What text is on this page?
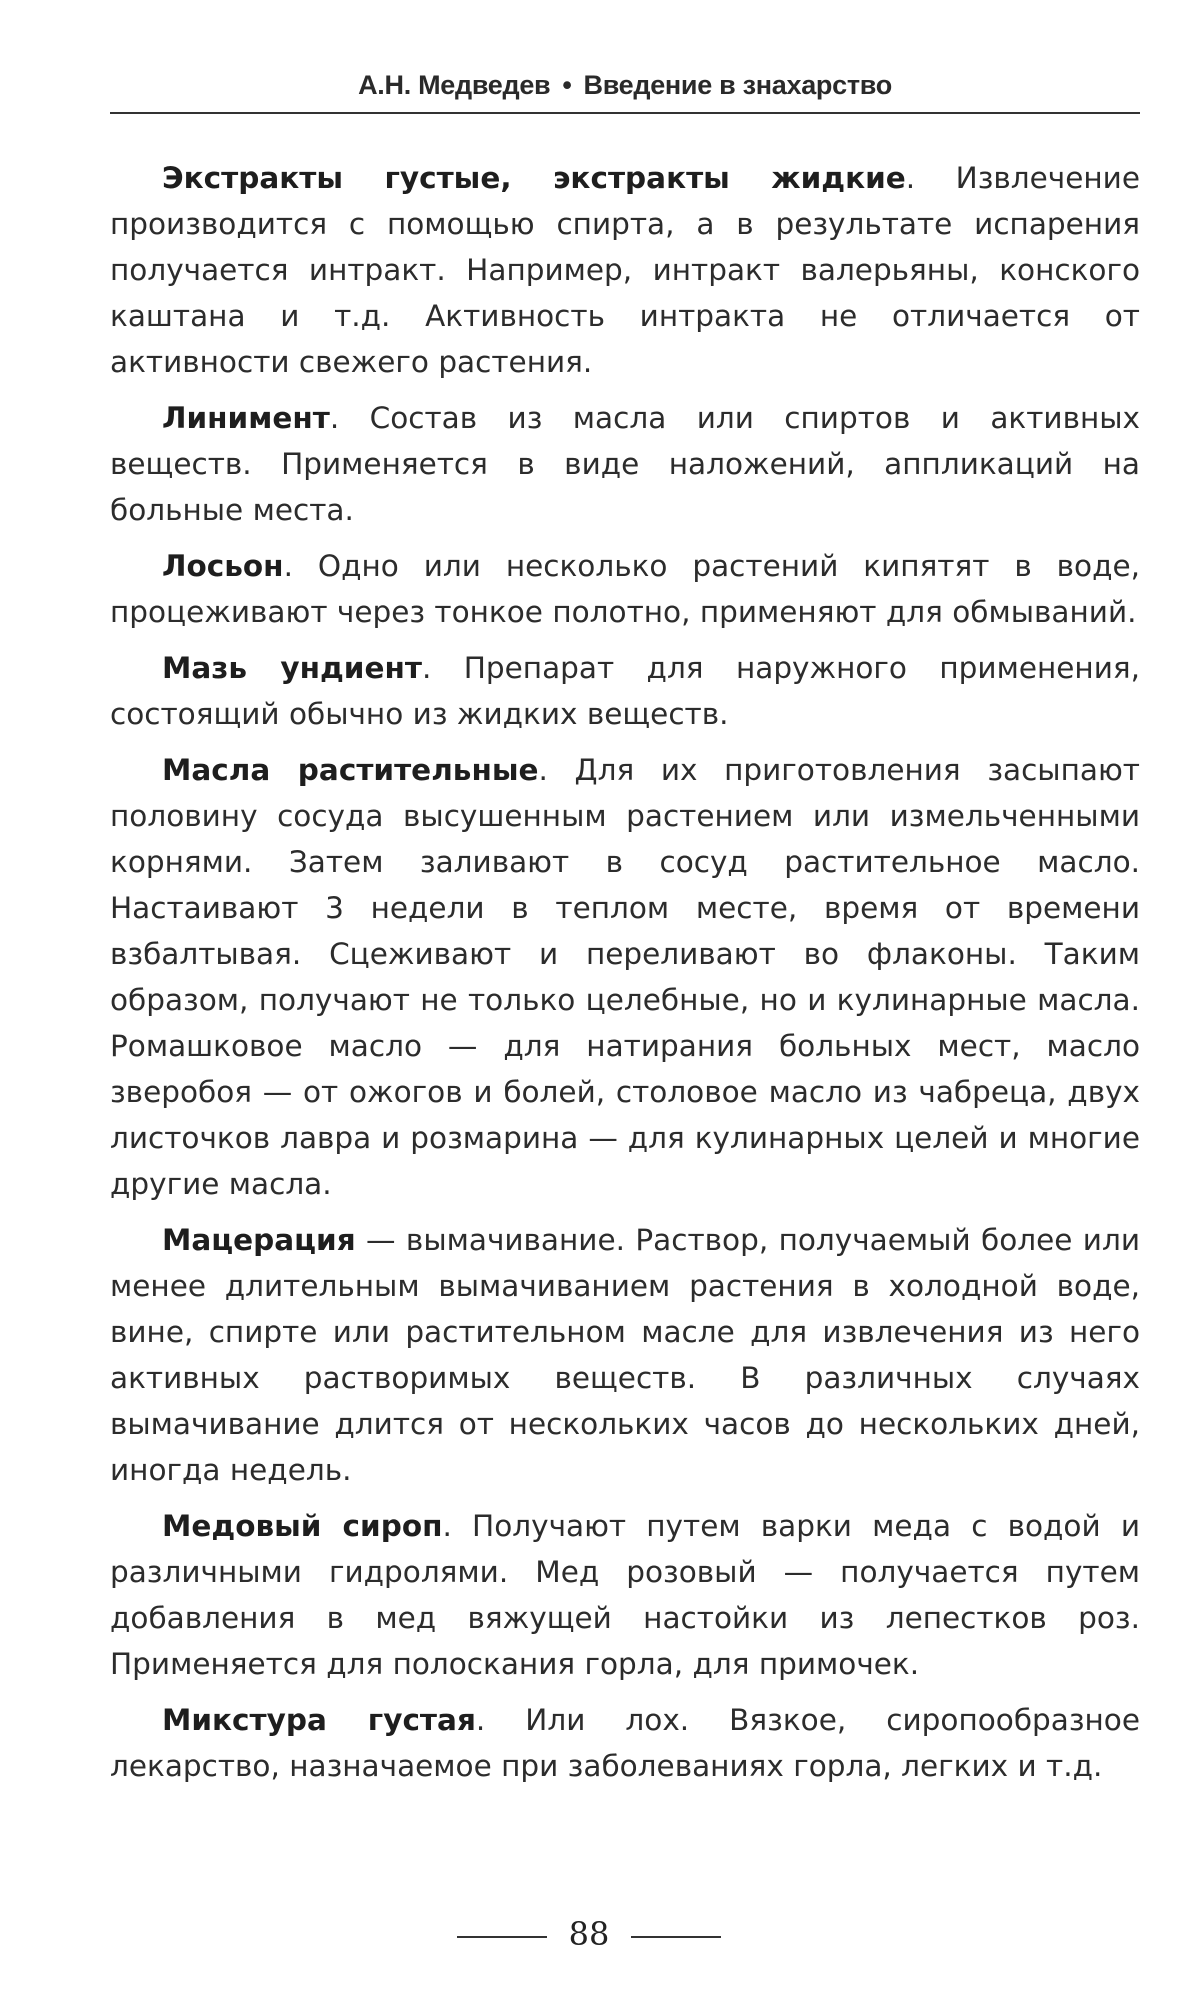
А.Н. Медведев • Введение в знахарство

Экстракты густые, экстракты жидкие. Извлечение производится с помощью спирта, а в результате испарения получается интракт. Например, интракт валерьяны, конского каштана и т.д. Активность интракта не отличается от активности свежего растения.

Линимент. Состав из масла или спиртов и активных веществ. Применяется в виде наложений, аппликаций на больные места.

Лосьон. Одно или несколько растений кипятят в воде, процеживают через тонкое полотно, применяют для обмываний.

Мазь ундиент. Препарат для наружного применения, состоящий обычно из жидких веществ.

Масла растительные. Для их приготовления засыпают половину сосуда высушенным растением или измельченными корнями. Затем заливают в сосуд растительное масло. Настаивают 3 недели в теплом месте, время от времени взбалтывая. Сцеживают и переливают во флаконы. Таким образом, получают не только целебные, но и кулинарные масла. Ромашковое масло — для натирания больных мест, масло зверобоя — от ожогов и болей, столовое масло из чабреца, двух листочков лавра и розмарина — для кулинарных целей и многие другие масла.

Мацерация — вымачивание. Раствор, получаемый более или менее длительным вымачиванием растения в холодной воде, вине, спирте или растительном масле для извлечения из него активных растворимых веществ. В различных случаях вымачивание длится от нескольких часов до нескольких дней, иногда недель.

Медовый сироп. Получают путем варки меда с водой и различными гидролями. Мед розовый — получается путем добавления в мед вяжущей настойки из лепестков роз. Применяется для полоскания горла, для примочек.

Микстура густая. Или лох. Вязкое, сиропообразное лекарство, назначаемое при заболеваниях горла, легких и т.д.

88
